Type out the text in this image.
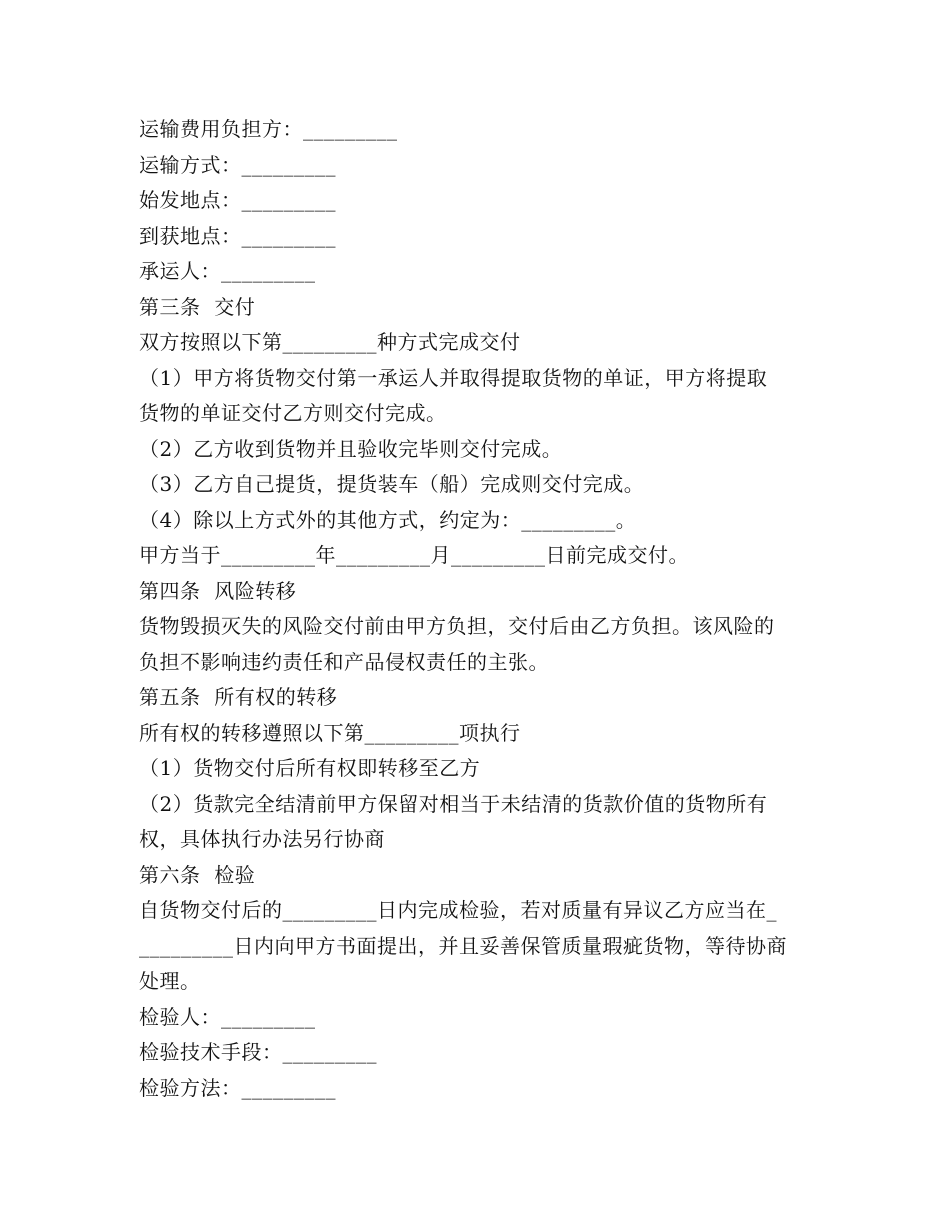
运输费用负担方：_________
运输方式：_________
始发地点：_________
到获地点：_________
承运人：_________
第三条  交付
双方按照以下第_________种方式完成交付
（1）甲方将货物交付第一承运人并取得提取货物的单证，甲方将提取
货物的单证交付乙方则交付完成。
（2）乙方收到货物并且验收完毕则交付完成。
（3）乙方自己提货，提货装车（船）完成则交付完成。
（4）除以上方式外的其他方式，约定为：_________。
甲方当于_________年_________月_________日前完成交付。
第四条  风险转移
货物毁损灭失的风险交付前由甲方负担，交付后由乙方负担。该风险的
负担不影响违约责任和产品侵权责任的主张。
第五条  所有权的转移
所有权的转移遵照以下第_________项执行
（1）货物交付后所有权即转移至乙方
（2）货款完全结清前甲方保留对相当于未结清的货款价值的货物所有
权，具体执行办法另行协商
第六条  检验
自货物交付后的_________日内完成检验，若对质量有异议乙方应当在_
_________日内向甲方书面提出，并且妥善保管质量瑕疵货物，等待协商
处理。
检验人：_________
检验技术手段：_________
检验方法：_________
